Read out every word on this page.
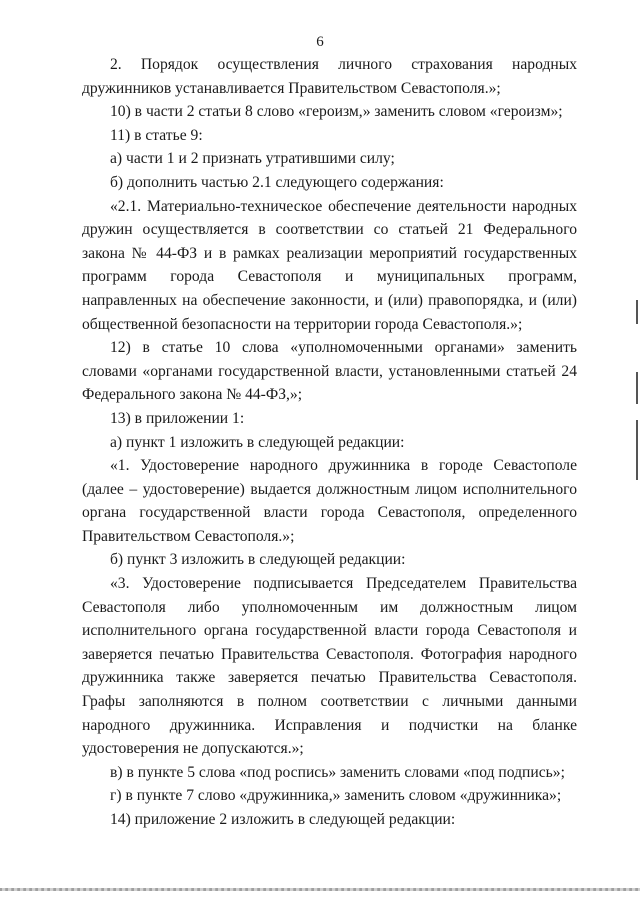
6

2. Порядок осуществления личного страхования народных дружинников устанавливается Правительством Севастополя.»;

10) в части 2 статьи 8 слово «героизм,» заменить словом «героизм»;

11) в статье 9:

а) части 1 и 2 признать утратившими силу;

б) дополнить частью 2.1 следующего содержания:

«2.1. Материально-техническое обеспечение деятельности народных дружин осуществляется в соответствии со статьей 21 Федерального закона № 44-ФЗ и в рамках реализации мероприятий государственных программ города Севастополя и муниципальных программ, направленных на обеспечение законности, и (или) правопорядка, и (или) общественной безопасности на территории города Севастополя.»;

12) в статье 10 слова «уполномоченными органами» заменить словами «органами государственной власти, установленными статьей 24 Федерального закона № 44-ФЗ,»;

13) в приложении 1:

а) пункт 1 изложить в следующей редакции:

«1. Удостоверение народного дружинника в городе Севастополе (далее – удостоверение) выдается должностным лицом исполнительного органа государственной власти города Севастополя, определенного Правительством Севастополя.»;

б) пункт 3 изложить в следующей редакции:

«3. Удостоверение подписывается Председателем Правительства Севастополя либо уполномоченным им должностным лицом исполнительного органа государственной власти города Севастополя и заверяется печатью Правительства Севастополя. Фотография народного дружинника также заверяется печатью Правительства Севастополя. Графы заполняются в полном соответствии с личными данными народного дружинника. Исправления и подчистки на бланке удостоверения не допускаются.»;

в) в пункте 5 слова «под роспись» заменить словами «под подпись»;

г) в пункте 7 слово «дружинника,» заменить словом «дружинника»;

14) приложение 2 изложить в следующей редакции:
